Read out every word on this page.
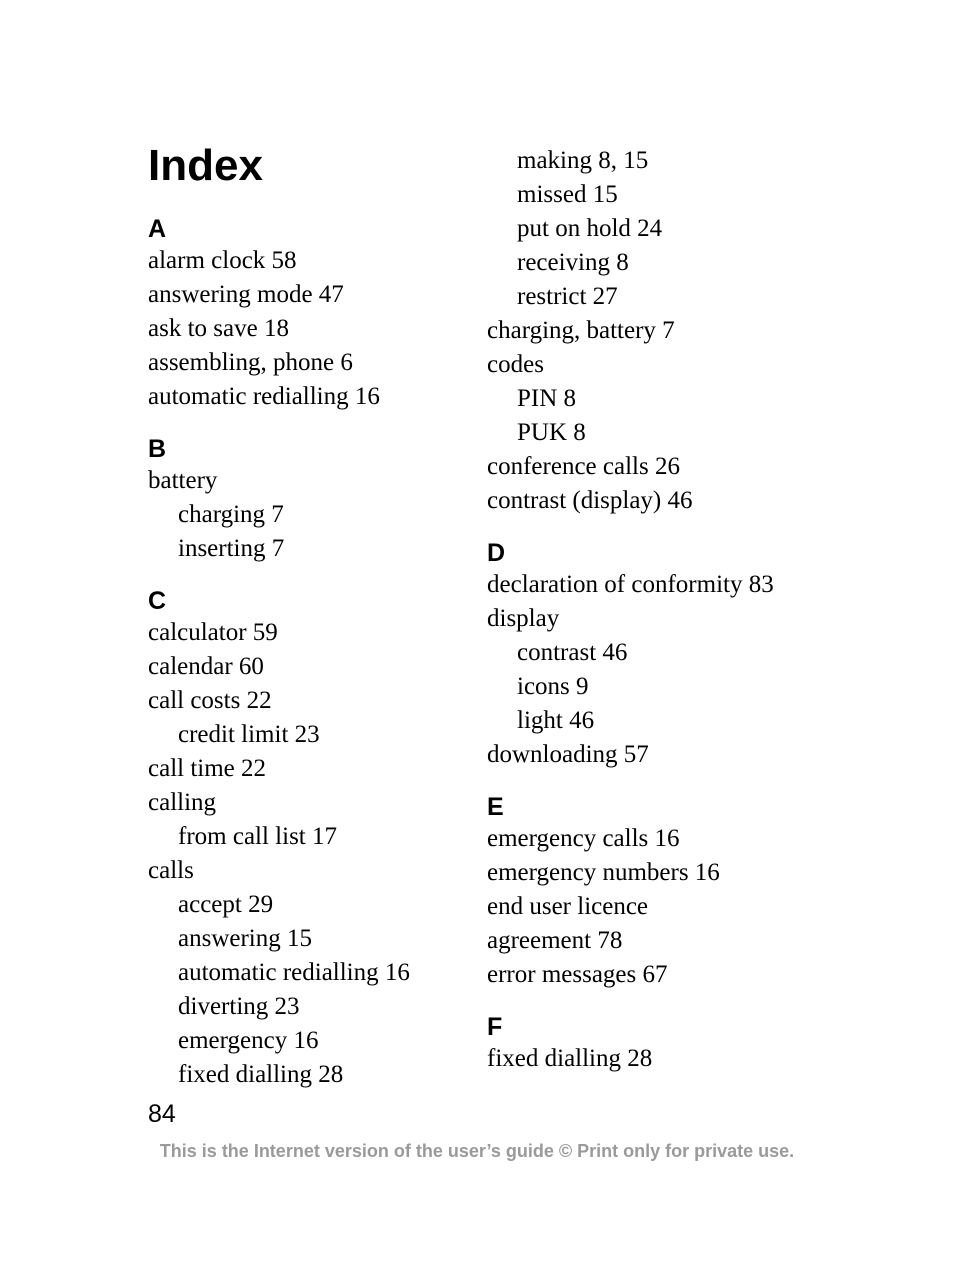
Index
A
alarm clock 58
answering mode 47
ask to save 18
assembling, phone 6
automatic redialling 16
B
battery
charging 7
inserting 7
C
calculator 59
calendar 60
call costs 22
credit limit 23
call time 22
calling
from call list 17
calls
accept 29
answering 15
automatic redialling 16
diverting 23
emergency 16
fixed dialling 28
making 8, 15
missed 15
put on hold 24
receiving 8
restrict 27
charging, battery 7
codes
PIN 8
PUK 8
conference calls 26
contrast (display) 46
D
declaration of conformity 83
display
contrast 46
icons 9
light 46
downloading 57
E
emergency calls 16
emergency numbers 16
end user licence
agreement 78
error messages 67
F
fixed dialling 28
84
This is the Internet version of the user’s guide © Print only for private use.
